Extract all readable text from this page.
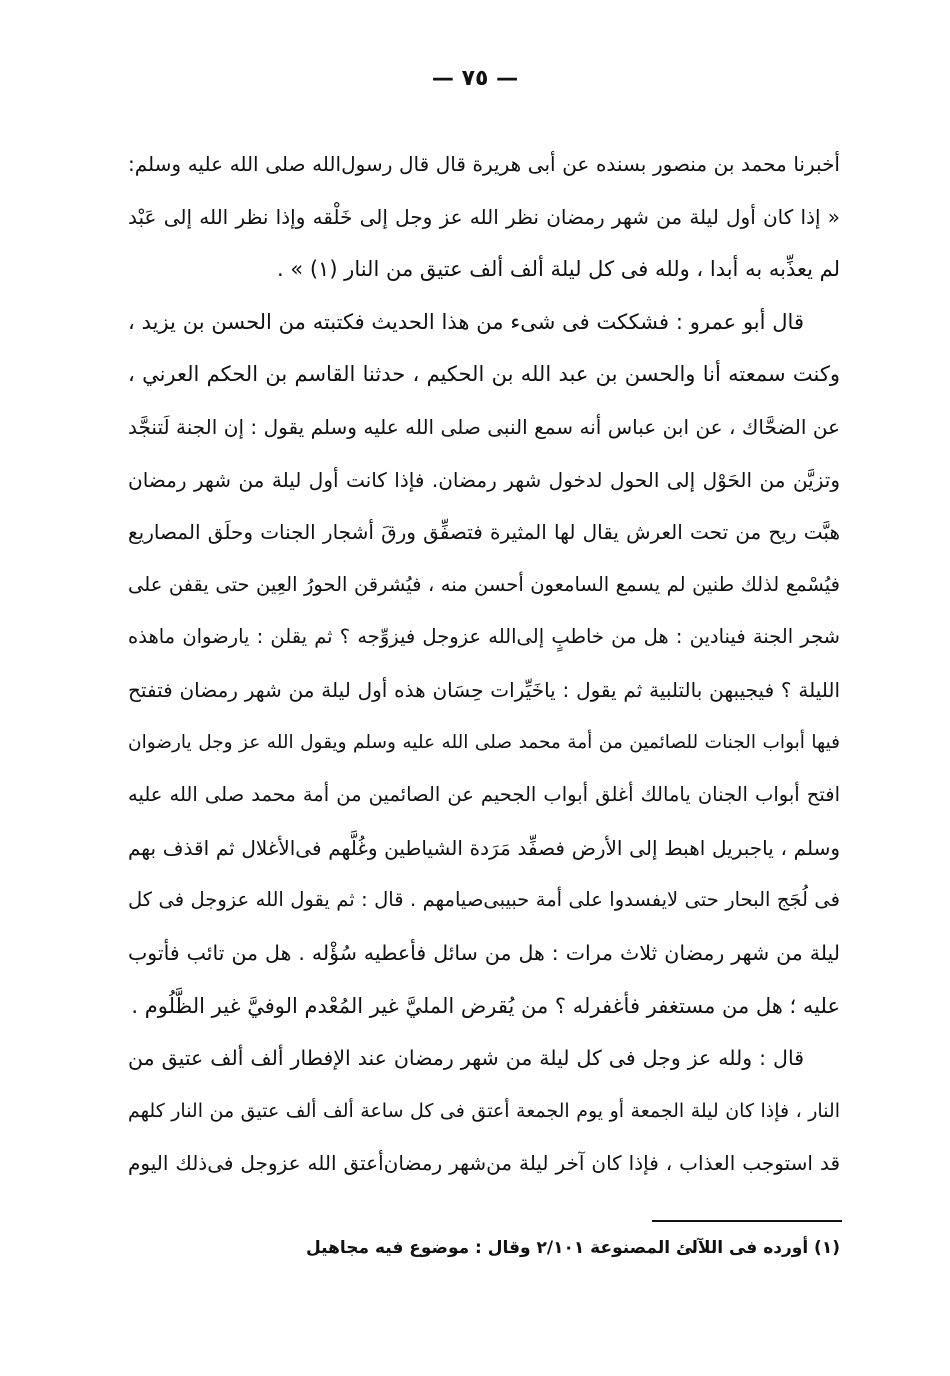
— ٧٥ —
أخبرنا محمد بن منصور بسنده عن أبى هريرة قال قال رسول‌الله صلى الله عليه وسلم:
« إذا كان أول ليلة من شهر رمضان نظر الله عز وجل إلى خَلْقه وإذا نظر الله إلى عَبْد
لم يعذِّبه به أبدا ، ولله فى كل ليلة ألف ألف عتيق من النار (١) » .
قال أبو عمرو : فشككت فى شىء من هذا الحديث فكتبته من الحسن بن يزيد ،
وكنت سمعته أنا والحسن بن عبد الله بن الحكيم ، حدثنا القاسم بن الحكم العرني ،
عن الضحَّاك ، عن ابن عباس أنه سمع النبى صلى الله عليه وسلم يقول : إن الجنة لَتنجَّد
وتزيَّن من الحَوْل إلى الحول لدخول شهر رمضان. فإذا كانت أول ليلة من شهر رمضان
هبَّت ريح من تحت العرش يقال لها المثيرة فتصفِّق ورقَ أشجار الجنات وحلَق المصاريع
فيُسْمع لذلك طنين لم يسمع السامعون أحسن منه ، فيُشرقن الحورُ العِين حتى يقفن على
شجر الجنة فينادين : هل من خاطبٍ إلى‌الله عزوجل فيزوِّجه ؟ ثم يقلن : يارضوان ماهذه
الليلة ؟ فيجيبهن بالتلبية ثم يقول : ياخَيِّرات حِسَان هذه أول ليلة من شهر رمضان فتفتح
فيها أبواب الجنات للصائمين من أمة محمد صلى الله عليه وسلم ويقول الله عز وجل يارضوان
افتح أبواب الجنان يامالك أغلق أبواب الجحيم عن الصائمين من أمة محمد صلى الله عليه
وسلم ، ياجبريل اهبط إلى الأرض فصفِّد مَرَدة الشياطين وغُلَّهم فى‌الأغلال ثم اقذف بهم
فى لُجَج البحار حتى لايفسدوا على أمة حبيبى‌صيامهم . قال : ثم يقول الله عزوجل فى كل
ليلة من شهر رمضان ثلاث مرات : هل من سائل فأعطيه سُؤْله . هل من تائب فأتوب
عليه ؛ هل من مستغفر فأغفرله ؟ من يُقرض المليَّ غير المُعْدم الوفيَّ غير الظَّلُوم .
قال : ولله عز وجل فى كل ليلة من شهر رمضان عند الإفطار ألف ألف عتيق من
النار ، فإذا كان ليلة الجمعة أو يوم الجمعة أعتق فى كل ساعة ألف ألف عتيق من النار كلهم
قد استوجب العذاب ، فإذا كان آخر ليلة من‌شهر رمضان‌أعتق الله عزوجل فى‌ذلك اليوم
(١) أورده فى اللآلئ المصنوعة ٢/١٠١ وقال : موضوع فيه مجاهيل
